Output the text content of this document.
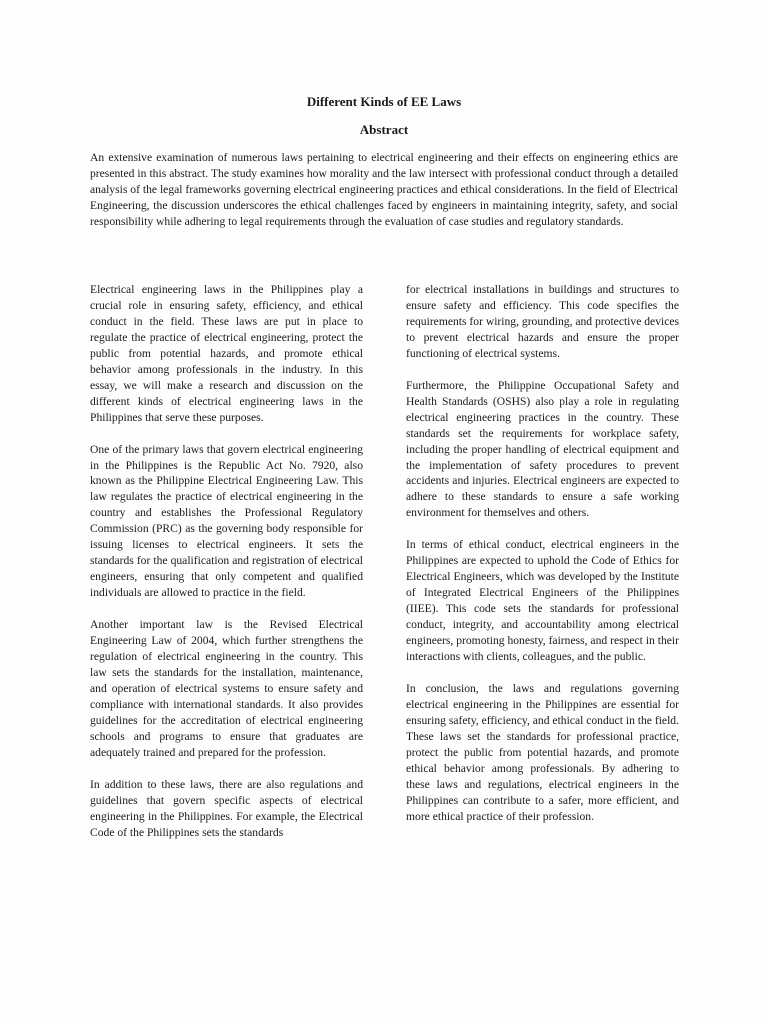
Different Kinds of EE Laws
Abstract

An extensive examination of numerous laws pertaining to electrical engineering and their effects on engineering ethics are presented in this abstract. The study examines how morality and the law intersect with professional conduct through a detailed analysis of the legal frameworks governing electrical engineering practices and ethical considerations. In the field of Electrical Engineering, the discussion underscores the ethical challenges faced by engineers in maintaining integrity, safety, and social responsibility while adhering to legal requirements through the evaluation of case studies and regulatory standards.

Electrical engineering laws in the Philippines play a crucial role in ensuring safety, efficiency, and ethical conduct in the field. These laws are put in place to regulate the practice of electrical engineering, protect the public from potential hazards, and promote ethical behavior among professionals in the industry. In this essay, we will make a research and discussion on the different kinds of electrical engineering laws in the Philippines that serve these purposes.

One of the primary laws that govern electrical engineering in the Philippines is the Republic Act No. 7920, also known as the Philippine Electrical Engineering Law. This law regulates the practice of electrical engineering in the country and establishes the Professional Regulatory Commission (PRC) as the governing body responsible for issuing licenses to electrical engineers. It sets the standards for the qualification and registration of electrical engineers, ensuring that only competent and qualified individuals are allowed to practice in the field.

Another important law is the Revised Electrical Engineering Law of 2004, which further strengthens the regulation of electrical engineering in the country. This law sets the standards for the installation, maintenance, and operation of electrical systems to ensure safety and compliance with international standards. It also provides guidelines for the accreditation of electrical engineering schools and programs to ensure that graduates are adequately trained and prepared for the profession.

In addition to these laws, there are also regulations and guidelines that govern specific aspects of electrical engineering in the Philippines. For example, the Electrical Code of the Philippines sets the standards

for electrical installations in buildings and structures to ensure safety and efficiency. This code specifies the requirements for wiring, grounding, and protective devices to prevent electrical hazards and ensure the proper functioning of electrical systems.

Furthermore, the Philippine Occupational Safety and Health Standards (OSHS) also play a role in regulating electrical engineering practices in the country. These standards set the requirements for workplace safety, including the proper handling of electrical equipment and the implementation of safety procedures to prevent accidents and injuries. Electrical engineers are expected to adhere to these standards to ensure a safe working environment for themselves and others.

In terms of ethical conduct, electrical engineers in the Philippines are expected to uphold the Code of Ethics for Electrical Engineers, which was developed by the Institute of Integrated Electrical Engineers of the Philippines (IIEE). This code sets the standards for professional conduct, integrity, and accountability among electrical engineers, promoting honesty, fairness, and respect in their interactions with clients, colleagues, and the public.

In conclusion, the laws and regulations governing electrical engineering in the Philippines are essential for ensuring safety, efficiency, and ethical conduct in the field. These laws set the standards for professional practice, protect the public from potential hazards, and promote ethical behavior among professionals. By adhering to these laws and regulations, electrical engineers in the Philippines can contribute to a safer, more efficient, and more ethical practice of their profession.
